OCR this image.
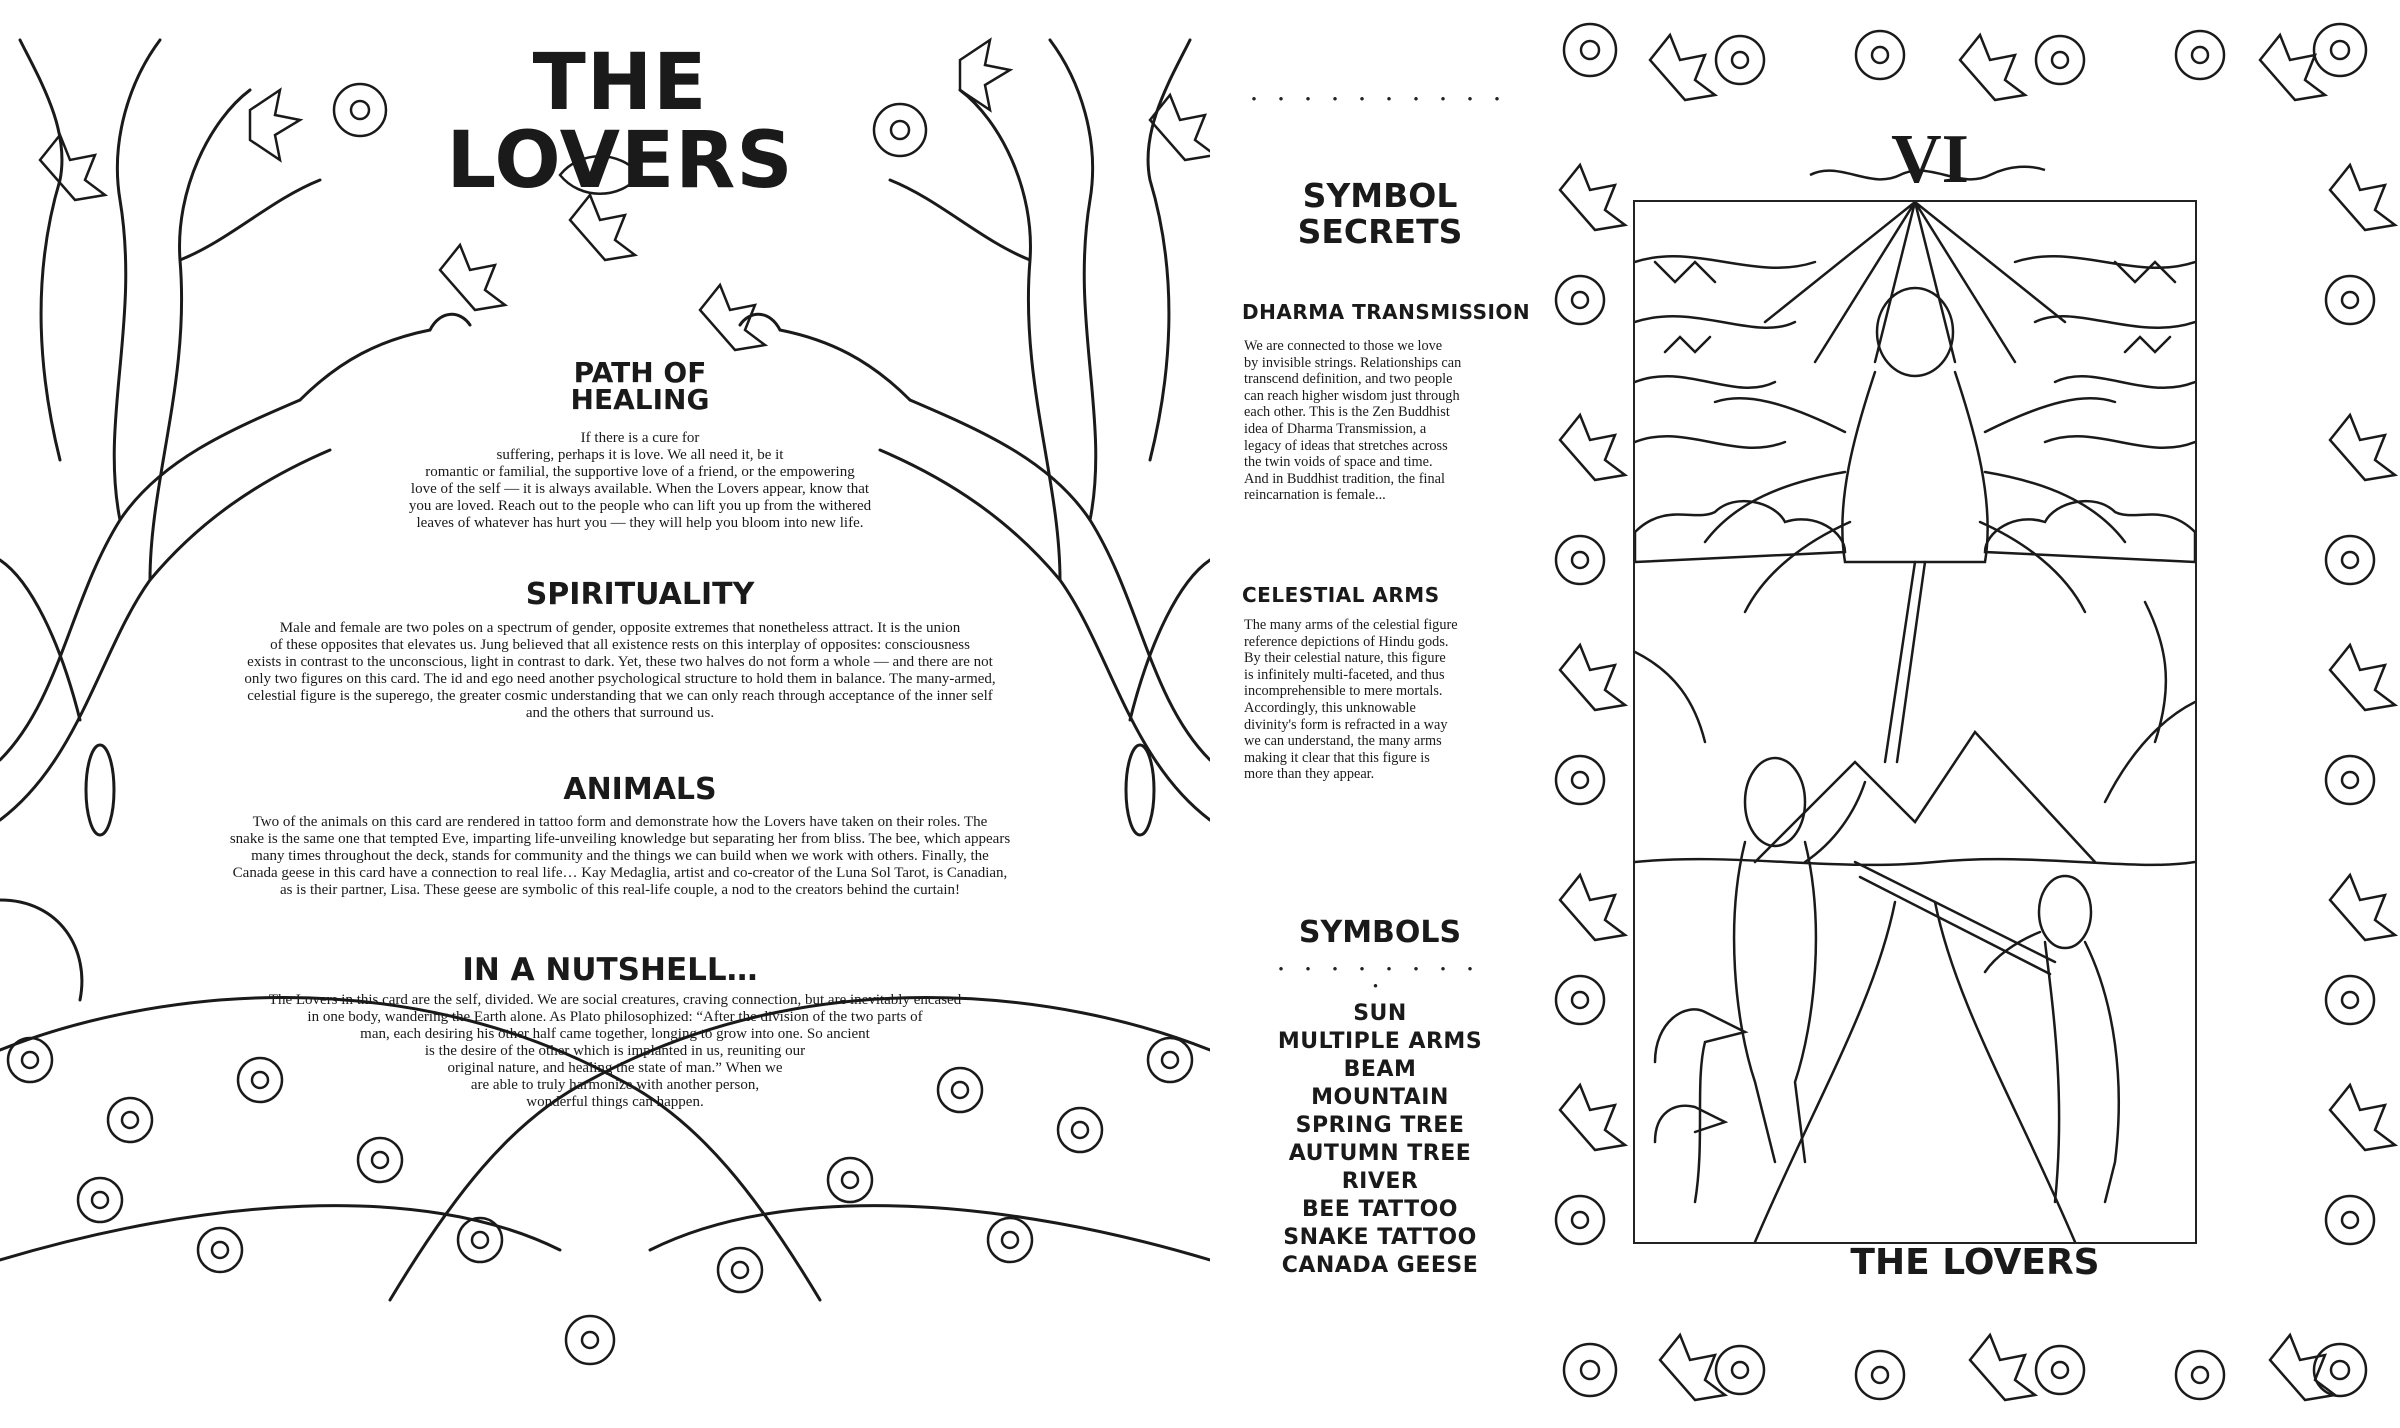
THE LOVERS
PATH OF
HEALING
If there is a cure for
suffering, perhaps it is love. We all need it, be it
romantic or familial, the supportive love of a friend, or the empowering
love of the self — it is always available. When the Lovers appear, know that
you are loved. Reach out to the people who can lift you up from the withered
leaves of whatever has hurt you — they will help you bloom into new life.
SPIRITUALITY
Male and female are two poles on a spectrum of gender, opposite extremes that nonetheless attract. It is the union
of these opposites that elevates us. Jung believed that all existence rests on this interplay of opposites: consciousness
exists in contrast to the unconscious, light in contrast to dark. Yet, these two halves do not form a whole — and there are not
only two figures on this card. The id and ego need another psychological structure to hold them in balance. The many-armed,
celestial figure is the superego, the greater cosmic understanding that we can only reach through acceptance of the inner self
and the others that surround us.
ANIMALS
Two of the animals on this card are rendered in tattoo form and demonstrate how the Lovers have taken on their roles. The
snake is the same one that tempted Eve, imparting life-unveiling knowledge but separating her from bliss. The bee, which appears
many times throughout the deck, stands for community and the things we can build when we work with others. Finally, the
Canada geese in this card have a connection to real life… Kay Medaglia, artist and co-creator of the Luna Sol Tarot, is Canadian,
as is their partner, Lisa. These geese are symbolic of this real-life couple, a nod to the creators behind the curtain!
IN A NUTSHELL…
The Lovers in this card are the self, divided. We are social creatures, craving connection, but are inevitably encased
in one body, wandering the Earth alone. As Plato philosophized: “After the division of the two parts of
man, each desiring his other half came together, longing to grow into one. So ancient
is the desire of the other which is implanted in us, reuniting our
original nature, and healing the state of man.” When we
are able to truly harmonize with another person,
wonderful things can happen.
• • • • • • • • • •
SYMBOL
SECRETS
DHARMA TRANSMISSION
We are connected to those we love
by invisible strings. Relationships can
transcend definition, and two people
can reach higher wisdom just through
each other. This is the Zen Buddhist
idea of Dharma Transmission, a
legacy of ideas that stretches across
the twin voids of space and time.
And in Buddhist tradition, the final
reincarnation is female...
CELESTIAL ARMS
The many arms of the celestial figure
reference depictions of Hindu gods.
By their celestial nature, this figure
is infinitely multi-faceted, and thus
incomprehensible to mere mortals.
Accordingly, this unknowable
divinity's form is refracted in a way
we can understand, the many arms
making it clear that this figure is
more than they appear.
SYMBOLS
• • • • • • • • •
SUN
MULTIPLE ARMS
BEAM
MOUNTAIN
SPRING TREE
AUTUMN TREE
RIVER
BEE TATTOO
SNAKE TATTOO
CANADA GEESE
VI
THE LOVERS
